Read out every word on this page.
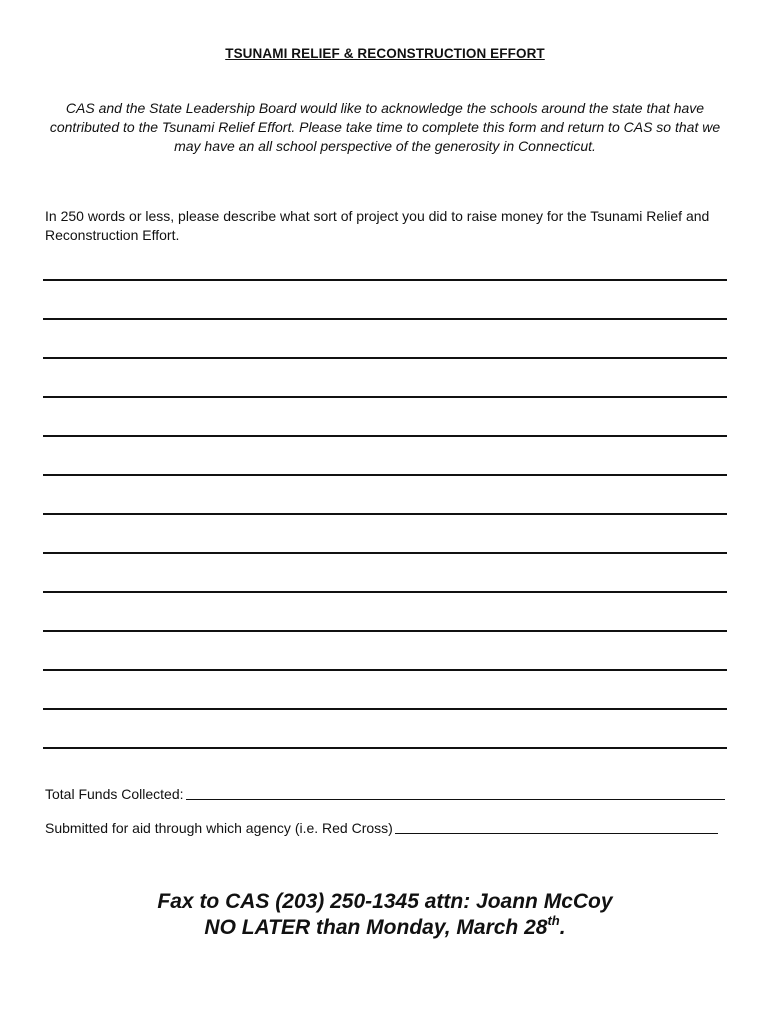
TSUNAMI RELIEF & RECONSTRUCTION EFFORT
CAS and the State Leadership Board would like to acknowledge the schools around the state that have contributed to the Tsunami Relief Effort. Please take time to complete this form and return to CAS so that we may have an all school perspective of the generosity in Connecticut.
In 250 words or less, please describe what sort of project you did to raise money for the Tsunami Relief and Reconstruction Effort.
Total Funds Collected:
Submitted for aid through which agency (i.e. Red Cross)
Fax to CAS (203) 250-1345 attn: Joann McCoy
NO LATER than Monday, March 28th.
